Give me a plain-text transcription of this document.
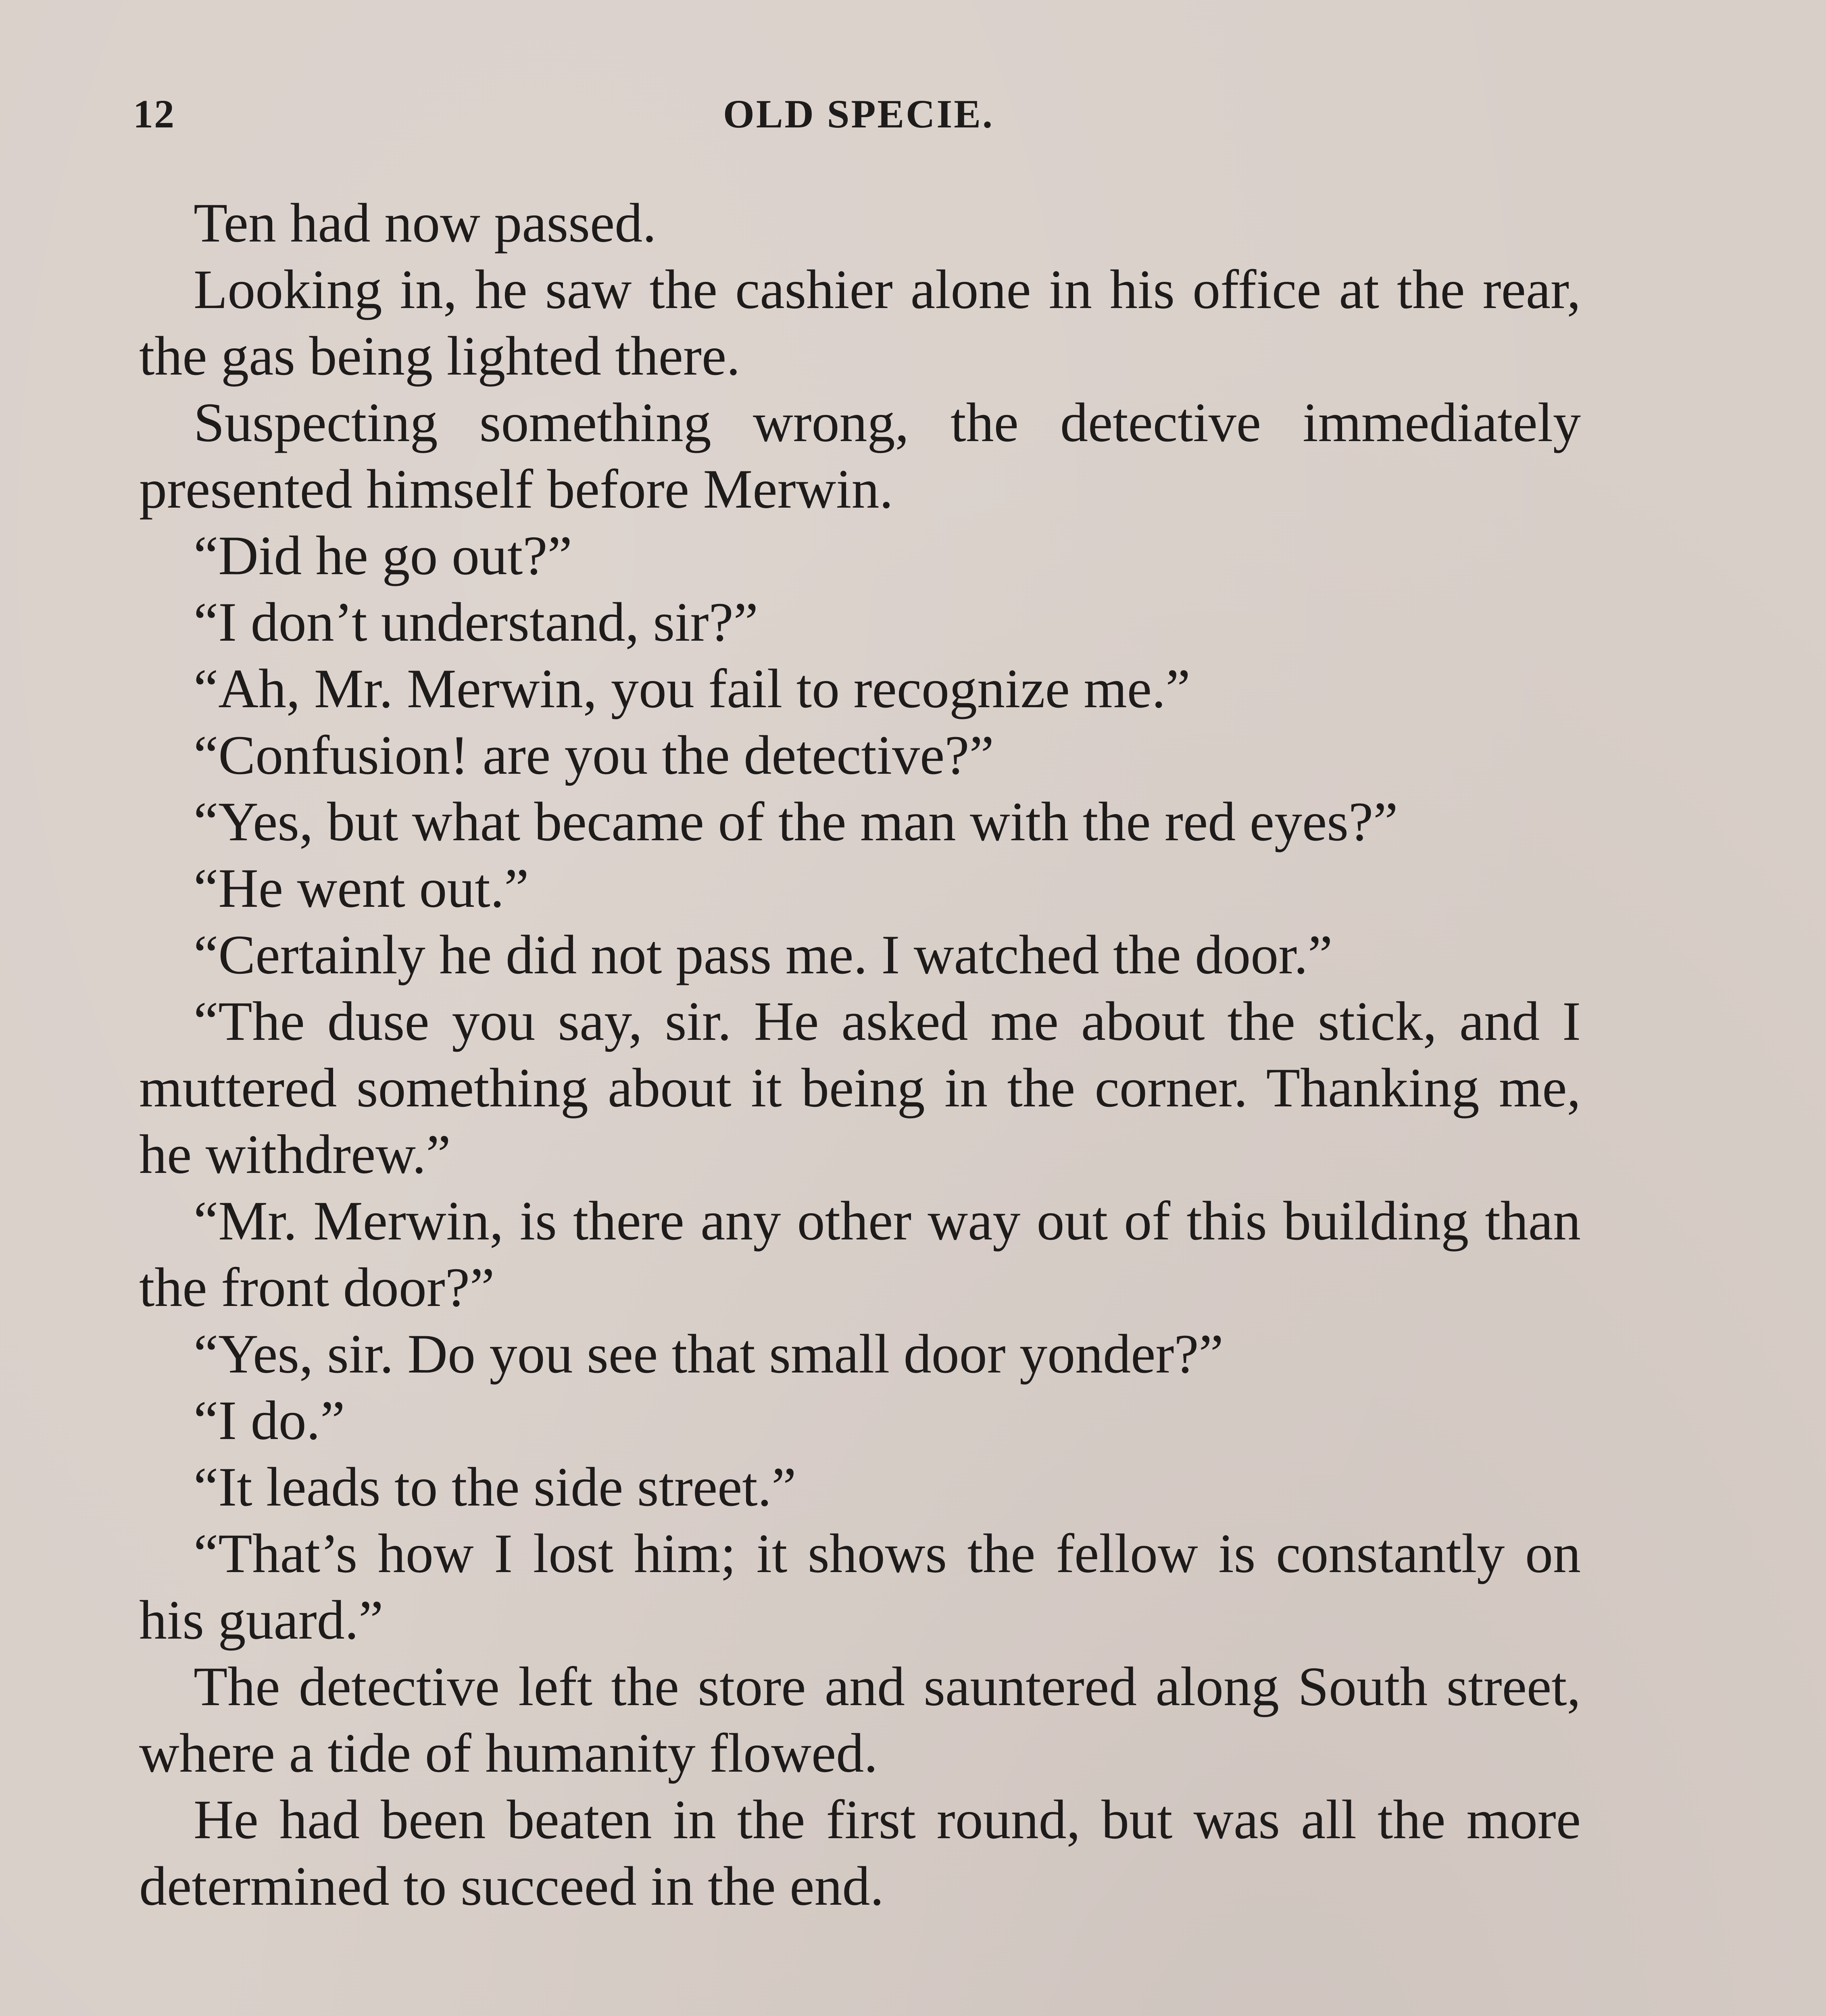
12	OLD SPECIE.

Ten had now passed.

Looking in, he saw the cashier alone in his office at the rear, the gas being lighted there.

Suspecting something wrong, the detective immediately presented himself before Merwin.

“Did he go out?”

“I don’t understand, sir?”

“Ah, Mr. Merwin, you fail to recognize me.”

“Confusion! are you the detective?”

“Yes, but what became of the man with the red eyes?”

“He went out.”

“Certainly he did not pass me. I watched the door.”

“The duse you say, sir. He asked me about the stick, and I muttered something about it being in the corner. Thanking me, he withdrew.”

“Mr. Merwin, is there any other way out of this building than the front door?”

“Yes, sir. Do you see that small door yonder?”

“I do.”

“It leads to the side street.”

“That’s how I lost him; it shows the fellow is constantly on his guard.”

The detective left the store and sauntered along South street, where a tide of humanity flowed.

He had been beaten in the first round, but was all the more determined to succeed in the end.
